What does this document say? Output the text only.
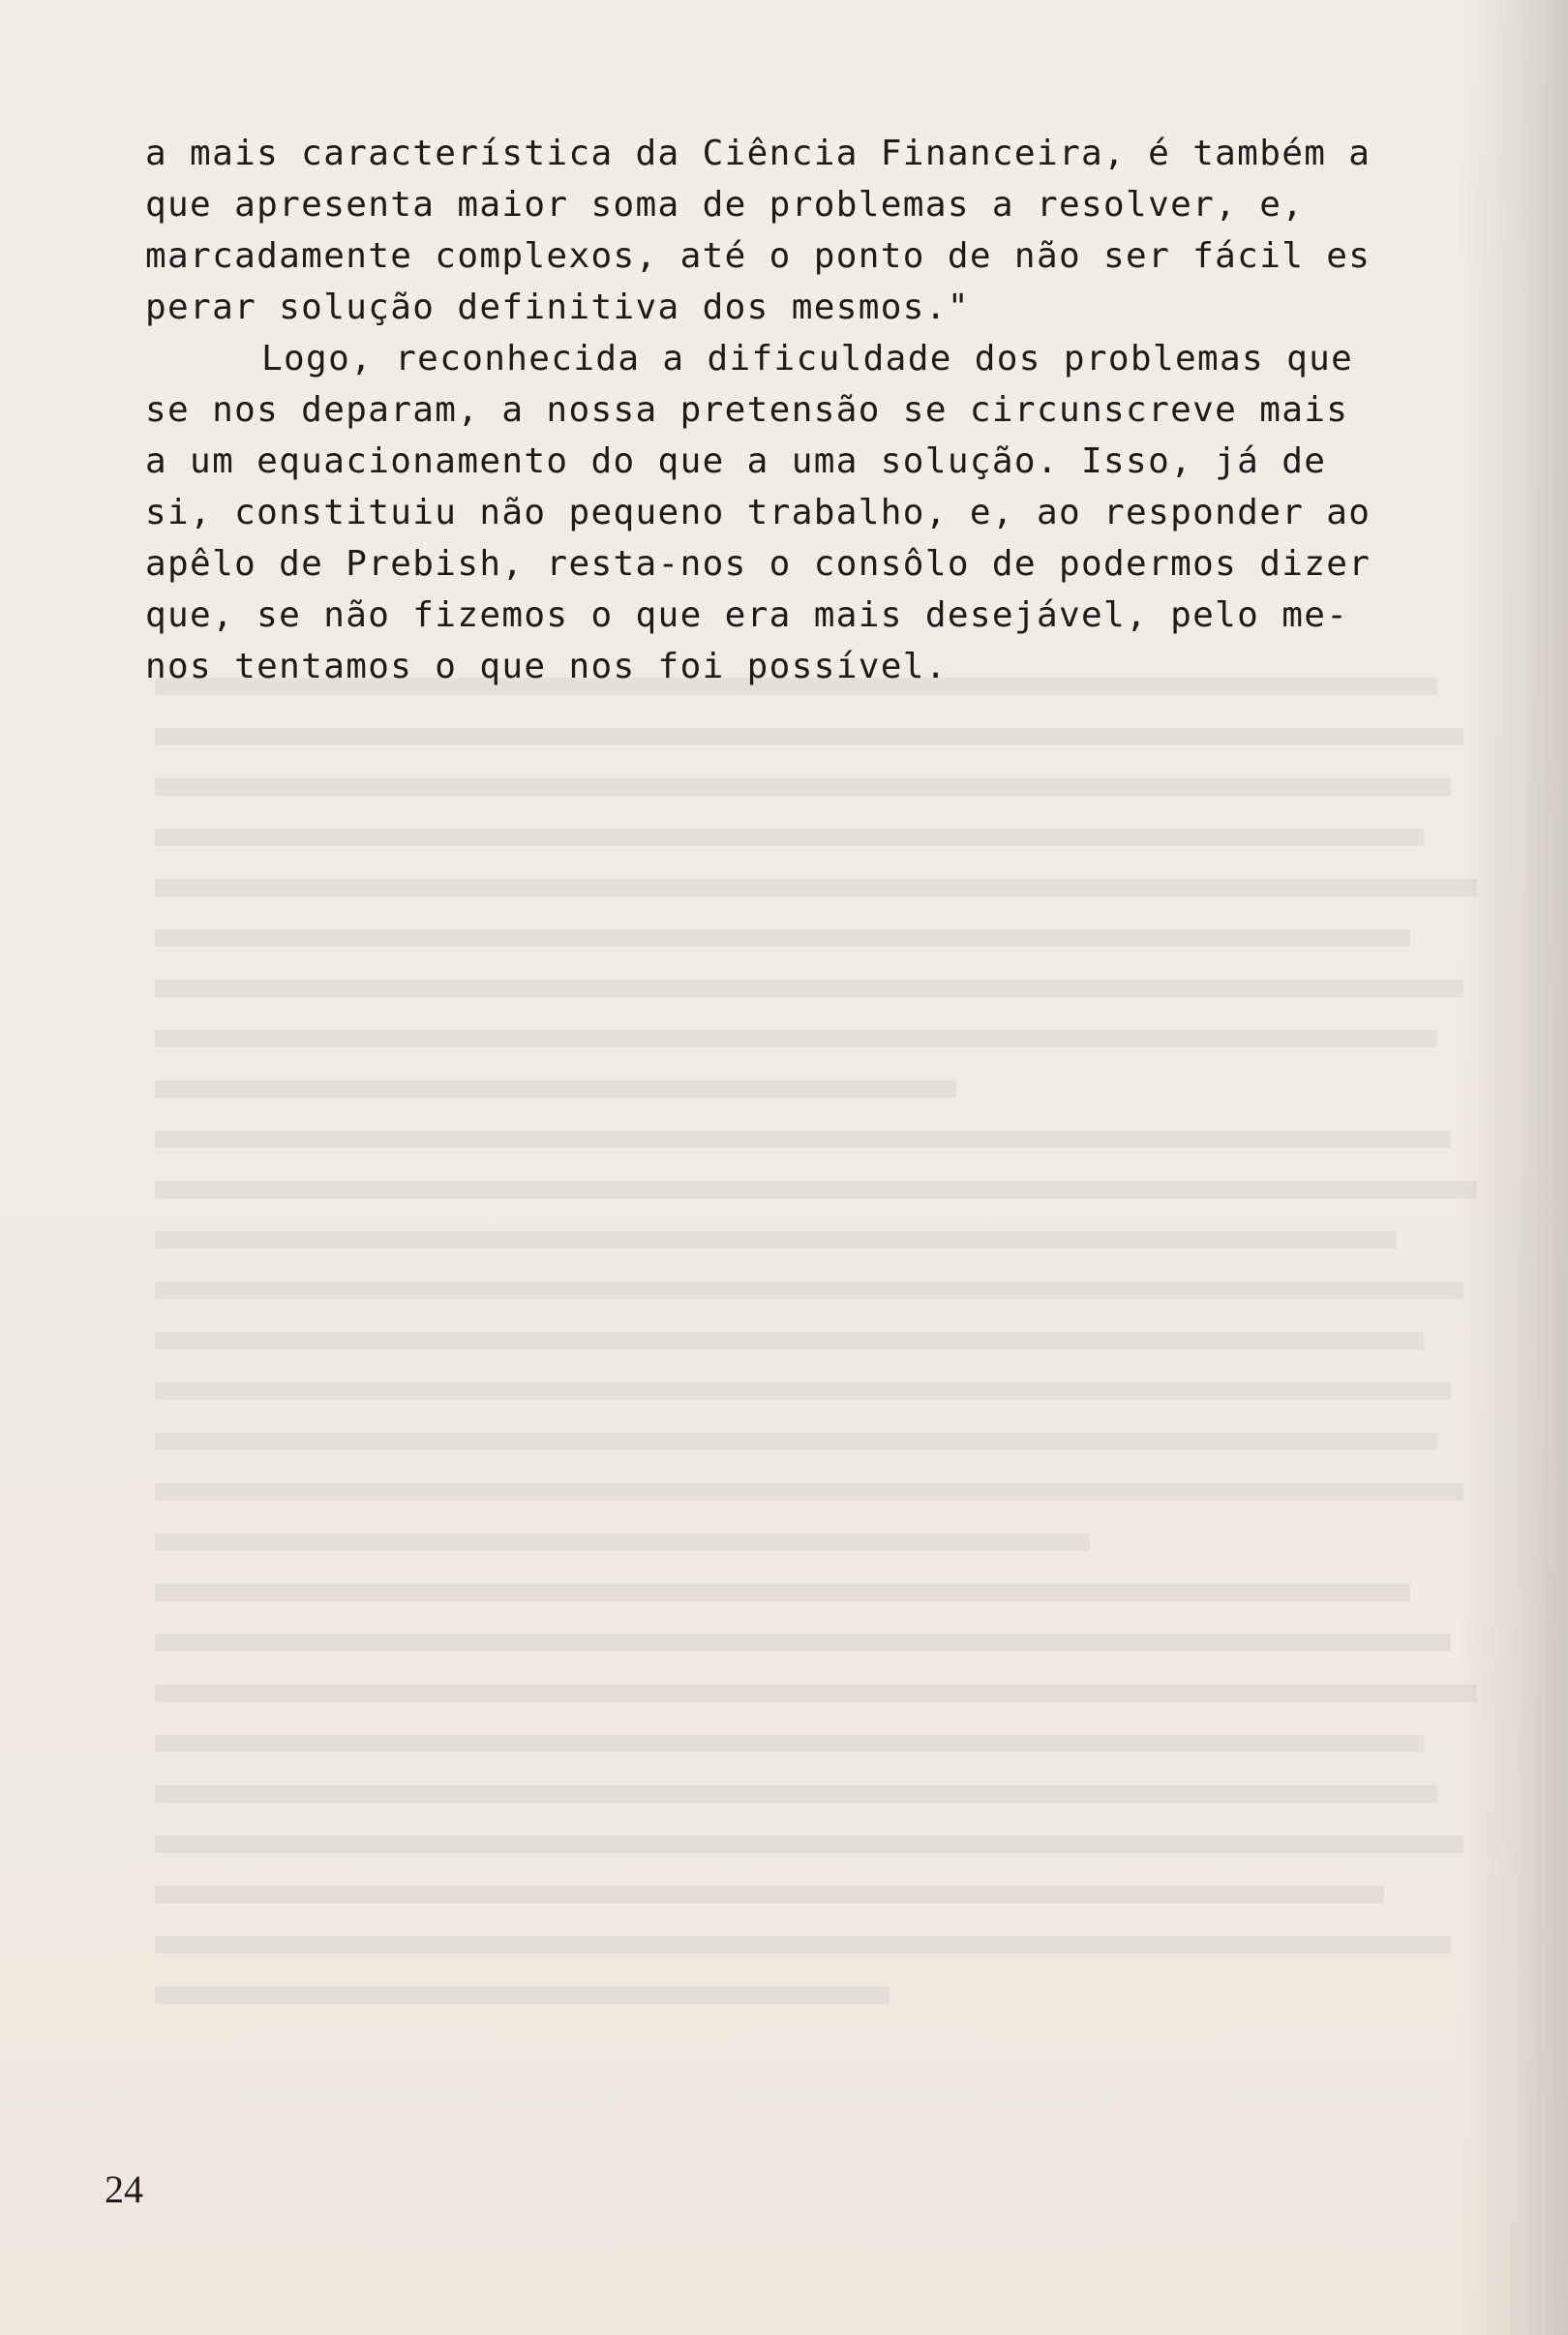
a mais característica da Ciência Financeira, é também a
que apresenta maior soma de problemas a resolver, e,
marcadamente complexos, até o ponto de não ser fácil es
perar solução definitiva dos mesmos."
Logo, reconhecida a dificuldade dos problemas que
se nos deparam, a nossa pretensão se circunscreve mais
a um equacionamento do que a uma solução. Isso, já de
si, constituiu não pequeno trabalho, e, ao responder ao
apêlo de Prebish, resta-nos o consôlo de podermos dizer
que, se não fizemos o que era mais desejável, pelo me-
nos tentamos o que nos foi possível.
24
